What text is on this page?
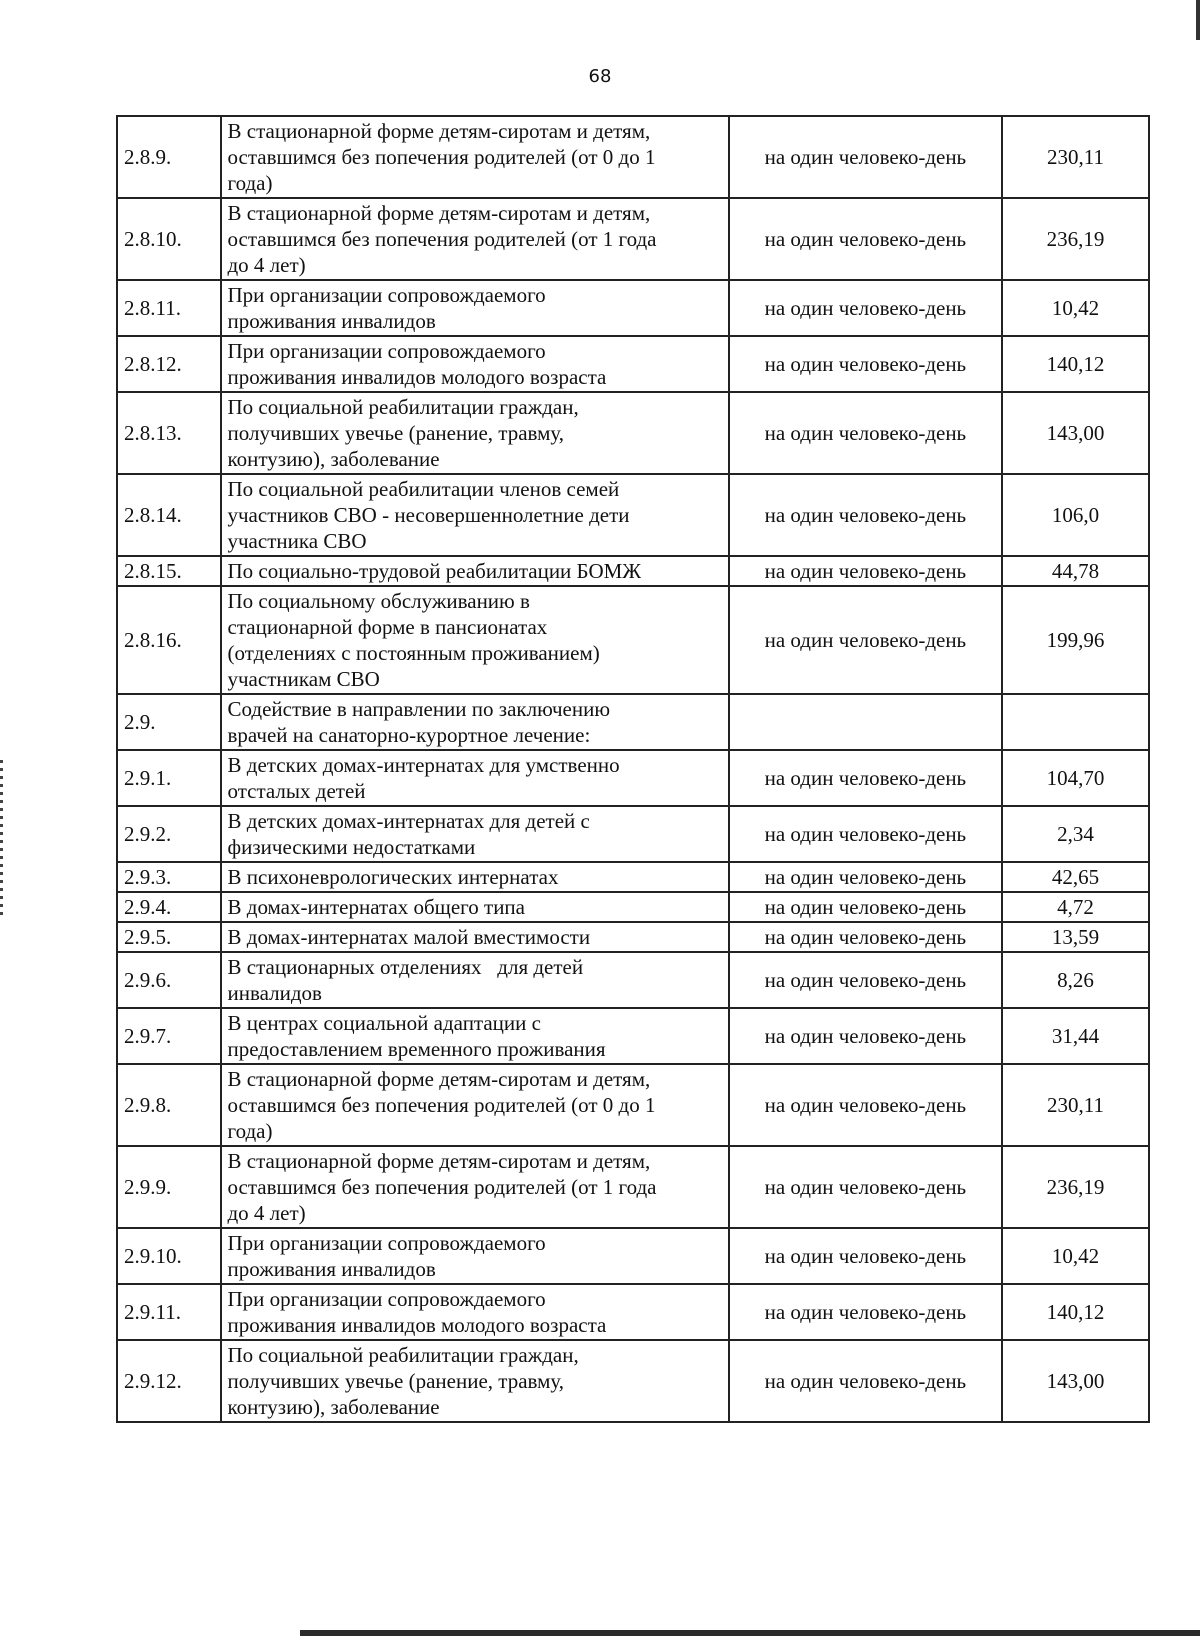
68
2.8.9.	В стационарной форме детям-сиротам и детям,
оставшимся без попечения родителей (от 0 до 1
года)	на один человеко-день	230,11
2.8.10.	В стационарной форме детям-сиротам и детям,
оставшимся без попечения родителей (от 1 года
до 4 лет)	на один человеко-день	236,19
2.8.11.	При организации сопровождаемого
проживания инвалидов	на один человеко-день	10,42
2.8.12.	При организации сопровождаемого
проживания инвалидов молодого возраста	на один человеко-день	140,12
2.8.13.	По социальной реабилитации граждан,
получивших увечье (ранение, травму,
контузию), заболевание	на один человеко-день	143,00
2.8.14.	По социальной реабилитации членов семей
участников СВО - несовершеннолетние дети
участника СВО	на один человеко-день	106,0
2.8.15.	По социально-трудовой реабилитации БОМЖ	на один человеко-день	44,78
2.8.16.	По социальному обслуживанию в
стационарной форме в пансионатах
(отделениях с постоянным проживанием)
участникам СВО	на один человеко-день	199,96
2.9.	Содействие в направлении по заключению
врачей на санаторно-курортное лечение:		

2.9.1.	В детских домах-интернатах для умственно
отсталых детей	на один человеко-день	104,70
2.9.2.	В детских домах-интернатах для детей с
физическими недостатками	на один человеко-день	2,34
2.9.3.	В психоневрологических интернатах	на один человеко-день	42,65
2.9.4.	В домах-интернатах общего типа	на один человеко-день	4,72
2.9.5.	В домах-интернатах малой вместимости	на один человеко-день	13,59
2.9.6.	В стационарных отделениях   для детей
инвалидов	на один человеко-день	8,26
2.9.7.	В центрах социальной адаптации с
предоставлением временного проживания	на один человеко-день	31,44
2.9.8.	В стационарной форме детям-сиротам и детям,
оставшимся без попечения родителей (от 0 до 1
года)	на один человеко-день	230,11
2.9.9.	В стационарной форме детям-сиротам и детям,
оставшимся без попечения родителей (от 1 года
до 4 лет)	на один человеко-день	236,19
2.9.10.	При организации сопровождаемого
проживания инвалидов	на один человеко-день	10,42
2.9.11.	При организации сопровождаемого
проживания инвалидов молодого возраста	на один человеко-день	140,12
2.9.12.	По социальной реабилитации граждан,
получивших увечье (ранение, травму,
контузию), заболевание	на один человеко-день	143,00
